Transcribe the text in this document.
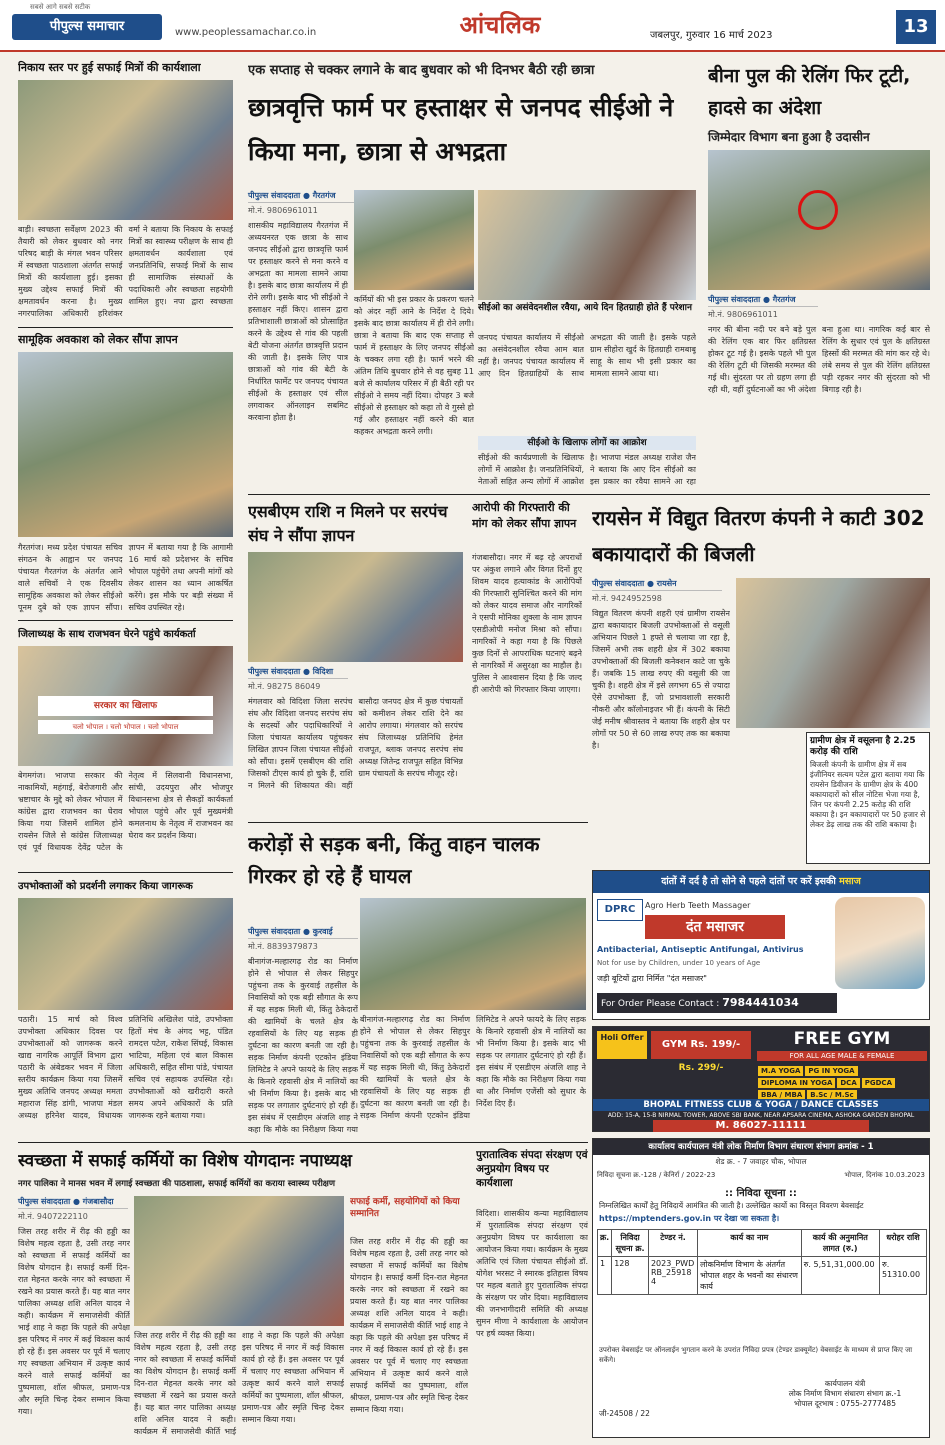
सबसे आगे सबसे सटीक
पीपुल्स समाचार	www.peoplessamachar.co.in	आंचलिक	जबलपुर, गुरुवार 16 मार्च 2023	13
निकाय स्तर पर हुई सफाई मित्रों की कार्यशाला
बाड़ी। स्वच्छता सर्वेक्षण 2023 की तैयारी को लेकर बुधवार को नगर परिषद बाड़ी के मंगल भवन परिसर में स्वच्छता पाठशाला अंतर्गत सफाई मित्रों की कार्यशाला हुई। इसका मुख्य उद्देश्य सफाई मित्रों की क्षमतावर्धन करना है। मुख्य नगरपालिका अधिकारी हरिशंकर वर्मा ने बताया कि निकाय के सफाई मित्रों का स्वास्थ्य परीक्षण के साथ ही क्षमतावर्धन कार्यशाला एवं जनप्रतिनिधि, सफाई मित्रों के साथ ही सामाजिक संस्थाओं के पदाधिकारी और स्वच्छता सहयोगी शामिल हुए। नपा द्वारा स्वच्छता
सामूहिक अवकाश को लेकर सौंपा ज्ञापन
गैरतगंज। मध्य प्रदेश पंचायत सचिव संगठन के आह्वान पर जनपद पंचायत गैरतगंज के अंतर्गत आने वाले सचिवों ने एक दिवसीय सामूहिक अवकाश को लेकर सीईओ पूनम दुबे को एक ज्ञापन सौंपा। ज्ञापन में बताया गया है कि आगामी 16 मार्च को प्रदेशभर के सचिव भोपाल पहुंचेंगे तथा अपनी मांगों को लेकर शासन का ध्यान आकर्षित करेंगे। इस मौके पर बड़ी संख्या में सचिव उपस्थित रहे।
जिलाध्यक्ष के साथ राजभवन घेरने पहुंचे कार्यकर्ता
सरकार का खिलाफ
चलो भोपाल । चलो भोपाल । चलो भोपाल
बेगमगंज। भाजपा सरकार की नाकामियों, महंगाई, बेरोजगारी और भ्रष्टाचार के मुद्दे को लेकर भोपाल में कांग्रेस द्वारा राजभवन का घेराव किया गया जिसमें शामिल होने रायसेन जिले से कांग्रेस जिलाध्यक्ष एवं पूर्व विधायक देवेंद्र पटेल के नेतृत्व में सिलवानी विधानसभा, सांची, उदयपुरा और भोजपुर विधानसभा क्षेत्र से सैकड़ों कार्यकर्ता भोपाल पहुंचे और पूर्व मुख्यमंत्री कमलनाथ के नेतृत्व में राजभवन का घेराव कर प्रदर्शन किया।
उपभोक्ताओं को प्रदर्शनी लगाकर किया जागरूक
पठारी। 15 मार्च को विश्व उपभोक्ता अधिकार दिवस पर उपभोक्ताओं को जागरूक करने खाद्य नागरिक आपूर्ति विभाग द्वारा पठारी के अंबेडकर भवन में जिला स्तरीय कार्यक्रम किया गया जिसमें मुख्य अतिथि जनपद अध्यक्ष ममता महाराज सिंह डांगी, भाजपा मंडल अध्यक्ष हरिनेश यादव, विधायक प्रतिनिधि अखिलेश पांडे, उपभोक्ता हितों मंच के अंगद भट्ट, पंडित रामदत्त पटेल, राकेश सिंघई, विकास भाटिया, महिला एवं बाल विकास अधिकारी, सहित सीमा पांडे, पंचायत सचिव एवं सहायक उपस्थित रहे। उपभोक्ताओं को खरीदारी करते समय अपने अधिकारों के प्रति जागरूक रहने बताया गया।
एक सप्ताह से चक्कर लगाने के बाद बुधवार को भी दिनभर बैठी रही छात्रा
छात्रवृत्ति फार्म पर हस्ताक्षर से जनपद सीईओ ने किया मना, छात्रा से अभद्रता
पीपुल्स संवाददाता ● गैरतगंज
मो.नं. 9806961011
शासकीय महाविद्यालय गैरतगंज में अध्ययनरत एक छात्रा के साथ जनपद सीईओ द्वारा छात्रवृत्ति फार्म पर हस्ताक्षर करने से मना करने व अभद्रता का मामला सामने आया है। इसके बाद छात्रा कार्यालय में ही रोने लगी। इसके बाद भी सीईओ ने हस्ताक्षर नहीं किए। शासन द्वारा प्रतिभाशाली छात्राओं को प्रोत्साहित करने के उद्देश्य से गांव की पहली बेटी योजना अंतर्गत छात्रवृत्ति प्रदान की जाती है। इसके लिए पात्र छात्राओं को गांव की बेटी के निर्धारित फार्मेट पर जनपद पंचायत सीईओ के हस्ताक्षर एवं सील लगवाकर ऑनलाइन सबमिट करवाना होता है।
कर्मियों की भी इस प्रकार के प्रकरण चलने को अंदर नहीं आने के निर्देश दे दिये। इसके बाद छात्रा कार्यालय में ही रोने लगी। छात्रा ने बताया कि बाद एक सप्ताह से फार्म में हस्ताक्षर के लिए जनपद सीईओ के चक्कर लगा रही है। फार्म भरने की अंतिम तिथि बुधवार होने से वह सुबह 11 बजे से कार्यालय परिसर में ही बैठी रही पर सीईओ ने समय नहीं दिया। दोपहर 3 बजे सीईओ से हस्ताक्षर को कहा तो वे गुस्से हो गई और हस्ताक्षर नहीं करने की बात कहकर अभद्रता करने लगी।
सीईओ का असंवेदनशील रवैया, आये दिन हितग्राही होते हैं परेशान
जनपद पंचायत कार्यालय में सीईओ का असंवेदनशील रवैया आम बात नहीं है। जनपद पंचायत कार्यालय में आए दिन हितग्राहियों के साथ अभद्रता की जाती है। इसके पहले ग्राम सीहोरा खुर्द के हितग्राही रामबाबू साहू के साथ भी इसी प्रकार का मामला सामने आया था।
सीईओ के खिलाफ लोगों का आक्रोश
सीईओ की कार्यप्रणाली के खिलाफ लोगों में आक्रोश है। जनप्रतिनिधियों, नेताओं सहित अन्य लोगों में आक्रोश है। भाजपा मंडल अध्यक्ष राजेश जैन ने बताया कि आए दिन सीईओ का इस प्रकार का रवैया सामने आ रहा
बीना पुल की रेलिंग फिर टूटी, हादसे का अंदेशा
जिम्मेदार विभाग बना हुआ है उदासीन
पीपुल्स संवाददाता ● गैरतगंज
मो.नं. 9806961011
नगर की बीना नदी पर बने बड़े पुल की रेलिंग एक बार फिर क्षतिग्रस्त होकर टूट गई है। इसके पहले भी पुल की रेलिंग टूटी थी जिसकी मरम्मत की गई थी। सुंदरता पर तो ग्रहण लगा ही रही थी, वहीं दुर्घटनाओं का भी अंदेशा बना हुआ था। नागरिक कई बार से रेलिंग के सुधार एवं पुल के क्षतिग्रस्त हिस्सों की मरम्मत की मांग कर रहे थे। लंबे समय से पुल की रेलिंग क्षतिग्रस्त पड़ी रहकर नगर की सुंदरता को भी बिगाड़ रही है।
एसबीएम राशि न मिलने पर सरपंच संघ ने सौंपा ज्ञापन
पीपुल्स संवाददाता ● विदिशा
मो.नं. 98275 86049
मंगलवार को विदिशा जिला सरपंच संघ और विदिशा जनपद सरपंच संघ के सदस्यों और पदाधिकारियों ने जिला पंचायत कार्यालय पहुंचकर लिखित ज्ञापन जिला पंचायत सीईओ को सौंपा। इसमें एसबीएम की राशि जिसको टीएस कार्य हो चुके हैं, राशि न मिलने की शिकायत की। वहीं बासौदा जनपद क्षेत्र में कुछ पंचायतों को कमीशन लेकर राशि देने का आरोप लगाया। मंगलवार को सरपंच संघ जिलाध्यक्ष प्रतिनिधि हेमंत राजपूत, ब्लाक जनपद सरपंच संघ अध्यक्ष जितेन्द्र राजपूत सहित विभिन्न ग्राम पंचायतों के सरपंच मौजूद रहे।
आरोपी की गिरफ्तारी की मांग को लेकर सौंपा ज्ञापन
गंजबासौदा। नगर में बढ़ रहे अपराधों पर अंकुश लगाने और विगत दिनों हुए शिवम यादव हत्याकांड के आरोपियों की गिरफ्तारी सुनिश्चित करने की मांग को लेकर यादव समाज और नागरिकों ने एसपी मोनिका शुक्ला के नाम ज्ञापन एसडीओपी मनोज मिश्रा को सौंपा। नागरिकों ने कहा गया है कि पिछले कुछ दिनों से आपराधिक घटनाएं बढ़ने से नागरिकों में असुरक्षा का माहौल है। पुलिस ने आश्वासन दिया है कि जल्द ही आरोपी को गिरफ्तार किया जाएगा।
रायसेन में विद्युत वितरण कंपनी ने काटी 302 बकायादारों की बिजली
पीपुल्स संवाददाता ● रायसेन
मो.नं. 9424952598
विद्युत वितरण कंपनी शहरी एवं ग्रामीण रायसेन द्वारा बकायादार बिजली उपभोक्ताओं से वसूली अभियान पिछले 1 हफ्ते से चलाया जा रहा है, जिसमें अभी तक शहरी क्षेत्र में 302 बकाया उपभोक्ताओं की बिजली कनेक्शन काटे जा चुके हैं। जबकि 15 लाख रुपए की वसूली की जा चुकी है। शहरी क्षेत्र में इसे लगभग 65 से ज्यादा ऐसे उपभोक्ता हैं, जो प्रभावशाली सरकारी नौकरी और कॉलोनाइजर भी हैं। कंपनी के सिटी जेई मनीष श्रीवास्तव ने बताया कि शहरी क्षेत्र पर लोगों पर 50 से 60 लाख रुपए तक का बकाया है।	ग्रामीण क्षेत्र में वसूलना है 2.25 करोड़ की राशि
बिजली कंपनी के ग्रामीण क्षेत्र में सब इंजीनियर सत्यम पटेल द्वारा बताया गया कि रायसेन डिवीजन के ग्रामीण क्षेत्र के 400 बकायादारों को सील नोटिस भेजा गया है, जिन पर कंपनी 2.25 करोड़ की राशि बकाया है। इन बकायादारों पर 50 हजार से लेकर डेढ़ लाख तक की राशि बकाया है।
करोड़ों से सड़क बनी, किंतु वाहन चालक गिरकर हो रहे हैं घायल
पीपुल्स संवाददाता ● कुरवाई
मो.नं. 8839379873
बीनागंज-मल्हारगढ़ रोड का निर्माण होने से भोपाल से लेकर सिहपुर पहुंचना तक के कुरवाई तहसील के निवासियों को एक बड़ी सौगात के रूप में यह सड़क मिली थी, किंतु ठेकेदारों की खामियों के चलते क्षेत्र के रहवासियों के लिए यह सड़क ही दुर्घटना का कारण बनती जा रही है। सड़क निर्माण कंपनी एटकोन इंडिया लिमिटेड ने अपने फायदे के लिए सड़क के किनारे रहवासी क्षेत्र में नालियों का भी निर्माण किया है। इसके बाद भी सड़क पर लगातार दुर्घटनाएं हो रही हैं। इस संबंध में एसडीएम अंजलि शाह ने कहा कि मौके का निरीक्षण किया गया
बीनागंज-मल्हारगढ़ रोड का निर्माण होने से भोपाल से लेकर सिहपुर पहुंचना तक के कुरवाई तहसील के निवासियों को एक बड़ी सौगात के रूप में यह सड़क मिली थी, किंतु ठेकेदारों की खामियों के चलते क्षेत्र के रहवासियों के लिए यह सड़क ही दुर्घटना का कारण बनती जा रही है। सड़क निर्माण कंपनी एटकोन इंडिया लिमिटेड ने अपने फायदे के लिए सड़क के किनारे रहवासी क्षेत्र में नालियों का भी निर्माण किया है। इसके बाद भी सड़क पर लगातार दुर्घटनाएं हो रही हैं। इस संबंध में एसडीएम अंजलि शाह ने कहा कि मौके का निरीक्षण किया गया था और निर्माण एजेंसी को सुधार के निर्देश दिए हैं।
दांतों में दर्द है तो सोने से पहले दांतों पर करें इसकी मसाज
DPRC	Agro Herb Teeth Massager
दंत मसाजर
Antibacterial, Antiseptic Antifungal, Antivirus
Not for use by Children, under 10 years of Age
जड़ी बूटियों द्वारा निर्मित "दंत मसाजर"
For Order Please Contact : 7984441034
Holi Offer
GYM Rs. 199/-	FREE GYM
FOR ALL AGE MALE & FEMALE
Rs. 299/-	M.A YOGA PG IN YOGA DIPLOMA IN YOGA DCA PGDCA BBA / MBA B.Sc / M.Sc
BHOPAL FITNESS CLUB & YOGA / DANCE CLASSES
ADD: 15-A, 15-B NIRMAL TOWER, ABOVE SBI BANK, NEAR APSARA CINEMA, ASHOKA GARDEN BHOPAL
M. 86027-11111
स्वच्छता में सफाई कर्मियों का विशेष योगदानः नपाध्यक्ष
नगर पालिका ने मानस भवन में लगाई स्वच्छता की पाठशाला, सफाई कर्मियों का कराया स्वास्थ्य परीक्षण
पीपुल्स संवाददाता ● गंजबासौदा
मो.नं. 9407222110
सफाई कर्मी, सहयोगियों को किया सम्मानित
जिस तरह शरीर में रीढ़ की हड्डी का विशेष महत्व रहता है, उसी तरह नगर को स्वच्छता में सफाई कर्मियों का विशेष योगदान है। सफाई कर्मी दिन-रात मेहनत करके नगर को स्वच्छता में रखने का प्रयास करते हैं। यह बात नगर पालिका अध्यक्ष शशि अनिल यादव ने कही। कार्यक्रम में समाजसेवी कीर्ति भाई शाह ने कहा कि पहले की अपेक्षा इस परिषद में नगर में कई विकास कार्य हो रहे हैं। इस अवसर पर पूर्व में चलाए गए स्वच्छता अभियान में उत्कृष्ट कार्य करने वाले सफाई कर्मियों का पुष्पमाला, शॉल श्रीफल, प्रमाण-पत्र और स्मृति चिन्ह देकर सम्मान किया गया।
जिस तरह शरीर में रीढ़ की हड्डी का विशेष महत्व रहता है, उसी तरह नगर को स्वच्छता में सफाई कर्मियों का विशेष योगदान है। सफाई कर्मी दिन-रात मेहनत करके नगर को स्वच्छता में रखने का प्रयास करते हैं। यह बात नगर पालिका अध्यक्ष शशि अनिल यादव ने कही। कार्यक्रम में समाजसेवी कीर्ति भाई शाह ने कहा कि पहले की अपेक्षा इस परिषद में नगर में कई विकास कार्य हो रहे हैं। इस अवसर पर पूर्व में चलाए गए स्वच्छता अभियान में उत्कृष्ट कार्य करने वाले सफाई कर्मियों का पुष्पमाला, शॉल श्रीफल, प्रमाण-पत्र और स्मृति चिन्ह देकर सम्मान किया गया।
जिस तरह शरीर में रीढ़ की हड्डी का विशेष महत्व रहता है, उसी तरह नगर को स्वच्छता में सफाई कर्मियों का विशेष योगदान है। सफाई कर्मी दिन-रात मेहनत करके नगर को स्वच्छता में रखने का प्रयास करते हैं। यह बात नगर पालिका अध्यक्ष शशि अनिल यादव ने कही। कार्यक्रम में समाजसेवी कीर्ति भाई शाह ने कहा कि पहले की अपेक्षा इस परिषद में नगर में कई विकास कार्य हो रहे हैं। इस अवसर पर पूर्व में चलाए गए स्वच्छता अभियान में उत्कृष्ट कार्य करने वाले सफाई कर्मियों का पुष्पमाला, शॉल श्रीफल, प्रमाण-पत्र और स्मृति चिन्ह देकर सम्मान किया गया।
पुरातात्विक संपदा संरक्षण एवं अनुप्रयोग विषय पर कार्यशाला
विदिशा। शासकीय कन्या महाविद्यालय में पुरातात्विक संपदा संरक्षण एवं अनुप्रयोग विषय पर कार्यशाला का आयोजन किया गया। कार्यक्रम के मुख्य अतिथि एवं जिला पंचायत सीईओ डॉ. योगेश भरसट ने स्मारक इतिहास विषय पर महत्व बताते हुए पुरातात्विक संपदा के संरक्षण पर जोर दिया। महाविद्यालय की जनभागीदारी समिति की अध्यक्ष सुमन मीणा ने कार्यशाला के आयोजन पर हर्ष व्यक्त किया।
कार्यालय कार्यपालन यंत्री लोक निर्माण विभाग संधारण संभाग क्रमांक - 1
शेड क्र. - 7 जवाहर चौक, भोपाल
निविदा सूचना क्र.-128 / केनिर्रा / 2022-23	भोपाल, दिनांक 10.03.2023
:: निविदा सूचना ::
निम्नलिखित कार्यों हेतु निविदायें आमंत्रित की जाती है। उल्लेखित कार्यो का विस्तृत विवरण बेवसाईट
https://mptenders.gov.in पर देखा जा सकता है।
क्र.	निविदा सूचना क्र.	टेण्डर नं.	कार्य का नाम	कार्य की अनुमानित लागत (रु.)	धरोहर राशि
1	128	2023_PWDRB_259184	लोकनिर्माण विभाग के अंतर्गत भोपाल शहर के भवनों का संधारण कार्य	रु. 5,51,31,000.00	रु. 51310.00
उपरोक्त वेबसाईट पर ऑनलाईन भुगतान करने के उपरांत निविदा प्रपत्र (टेण्डर डाक्यूमेंट) वेबसाईट के माध्यम से प्राप्त किए जा सकेंगे।
कार्यपालन यंत्री
लोक निर्माण विभाग संधारण संभाग क्र.-1
भोपाल दूरभाष : 0755-2777485
जी-24508 / 22
